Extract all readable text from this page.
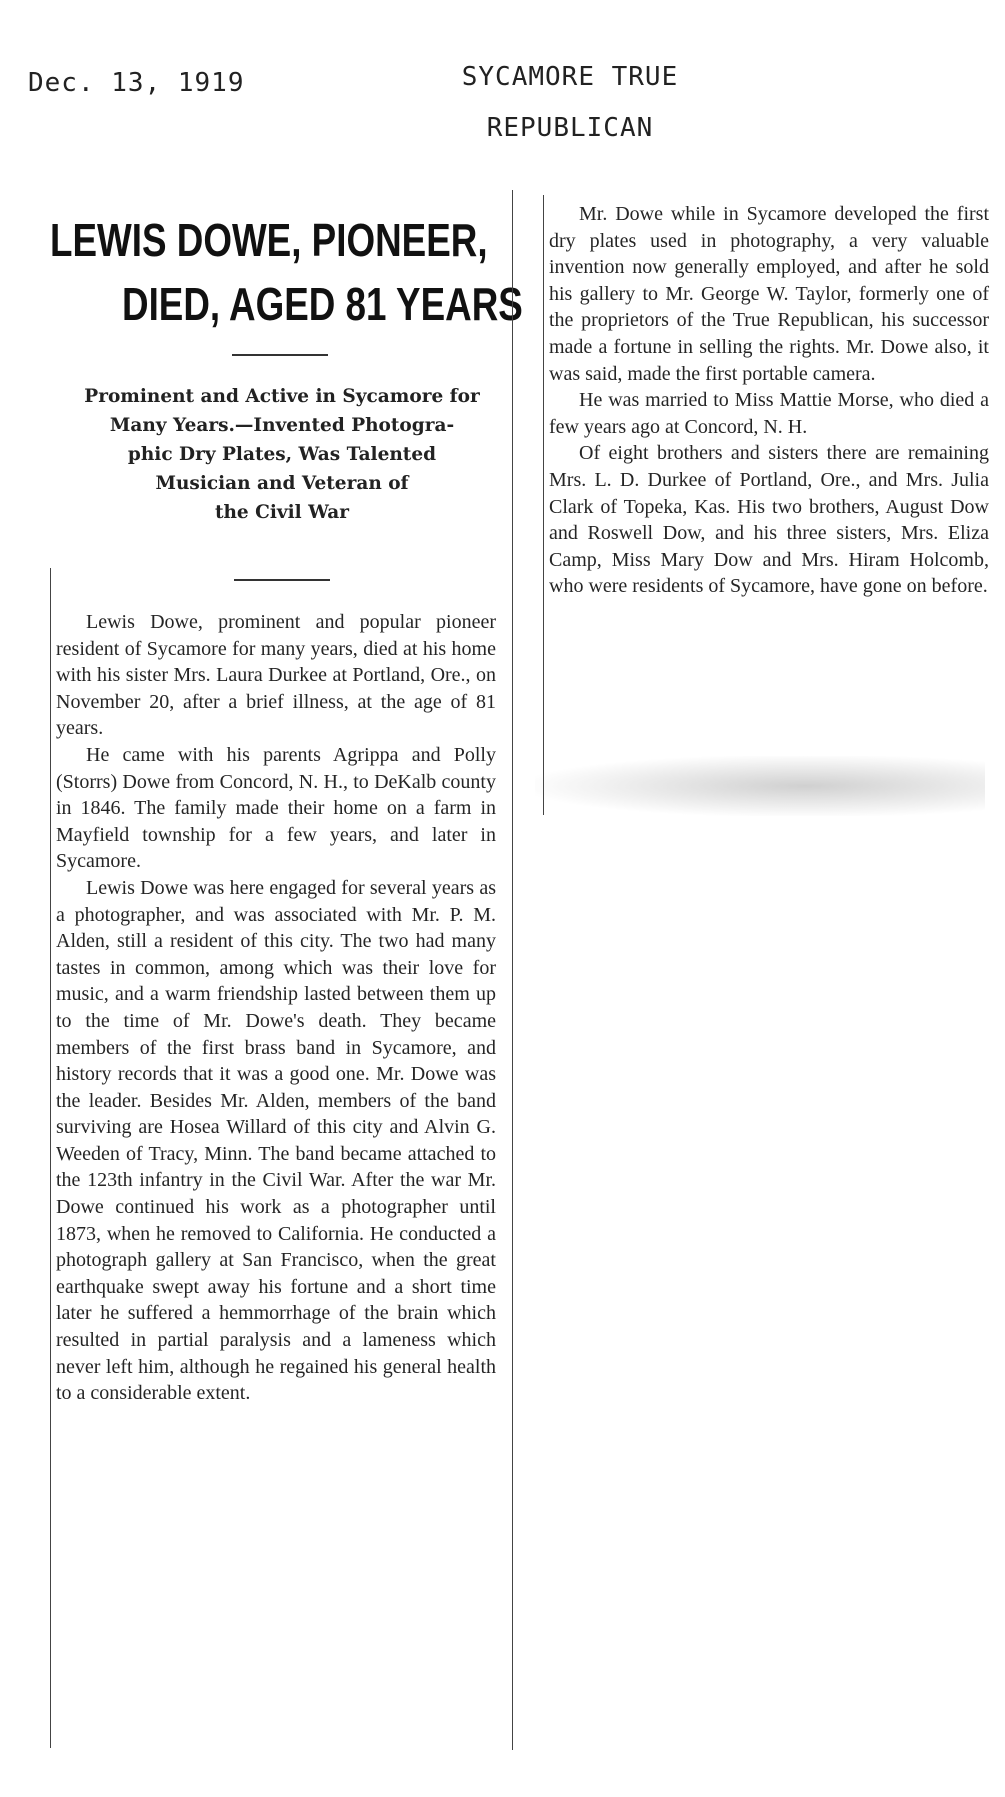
Dec. 13, 1919	SYCAMORE TRUE
REPUBLICAN
LEWIS DOWE, PIONEER,
DIED, AGED 81 YEARS
Prominent and Active in Sycamore for
Many Years.—Invented Photogra-
phic Dry Plates, Was Talented
Musician and Veteran of
the Civil War

Lewis Dowe, prominent and popular pioneer resident of Sycamore for many years, died at his home with his sister Mrs. Laura Durkee at Portland, Ore., on November 20, after a brief illness, at the age of 81 years.

He came with his parents Agrippa and Polly (Storrs) Dowe from Concord, N. H., to DeKalb county in 1846. The family made their home on a farm in Mayfield township for a few years, and later in Sycamore.

Lewis Dowe was here engaged for several years as a photographer, and was associated with Mr. P. M. Alden, still a resident of this city. The two had many tastes in common, among which was their love for music, and a warm friendship lasted between them up to the time of Mr. Dowe's death. They became members of the first brass band in Sycamore, and history records that it was a good one. Mr. Dowe was the leader. Besides Mr. Alden, members of the band surviving are Hosea Willard of this city and Alvin G. Weeden of Tracy, Minn. The band became attached to the 123th infantry in the Civil War. After the war Mr. Dowe continued his work as a photographer until 1873, when he removed to California. He conducted a photograph gallery at San Francisco, when the great earthquake swept away his fortune and a short time later he suffered a hemmorrhage of the brain which resulted in partial paralysis and a lameness which never left him, although he regained his general health to a considerable extent.

Mr. Dowe while in Sycamore developed the first dry plates used in photography, a very valuable invention now generally employed, and after he sold his gallery to Mr. George W. Taylor, formerly one of the proprietors of the True Republican, his successor made a fortune in selling the rights. Mr. Dowe also, it was said, made the first portable camera.

He was married to Miss Mattie Morse, who died a few years ago at Concord, N. H.

Of eight brothers and sisters there are remaining Mrs. L. D. Durkee of Portland, Ore., and Mrs. Julia Clark of Topeka, Kas. His two brothers, August Dow and Roswell Dow, and his three sisters, Mrs. Eliza Camp, Miss Mary Dow and Mrs. Hiram Holcomb, who were residents of Sycamore, have gone on before.
